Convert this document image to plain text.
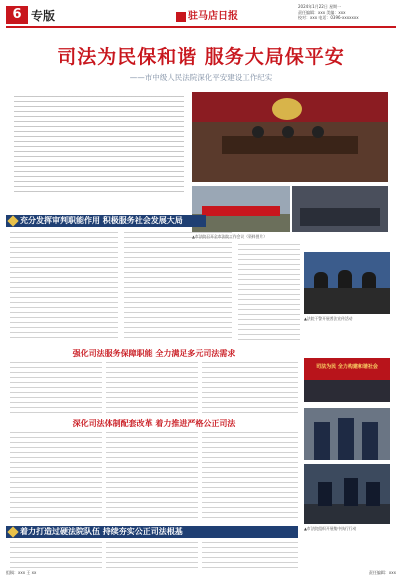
6 专版	驻马店日报
2024年1月22日 星期一
责任编辑：xxx 美编：xxx
校对：xxx 电话：0396-xxxxxxx
司法为民保和谐 服务大局保平安
——市中级人民法院深化平安建设工作纪实
▲市法院召开全市法院工作会议（资料图片）
充分发挥审判职能作用 积极服务社会发展大局
▲法院干警开展普法宣传活动
强化司法服务保障职能 全力满足多元司法需求
司法为民 全力构建和谐社会
深化司法体制配套改革 着力推进严格公正司法
▲市法院组织开展集中执行行动
着力打造过硬法院队伍 持续夯实公正司法根基
组稿：xxx 王 xx	责任编辑：xxx
